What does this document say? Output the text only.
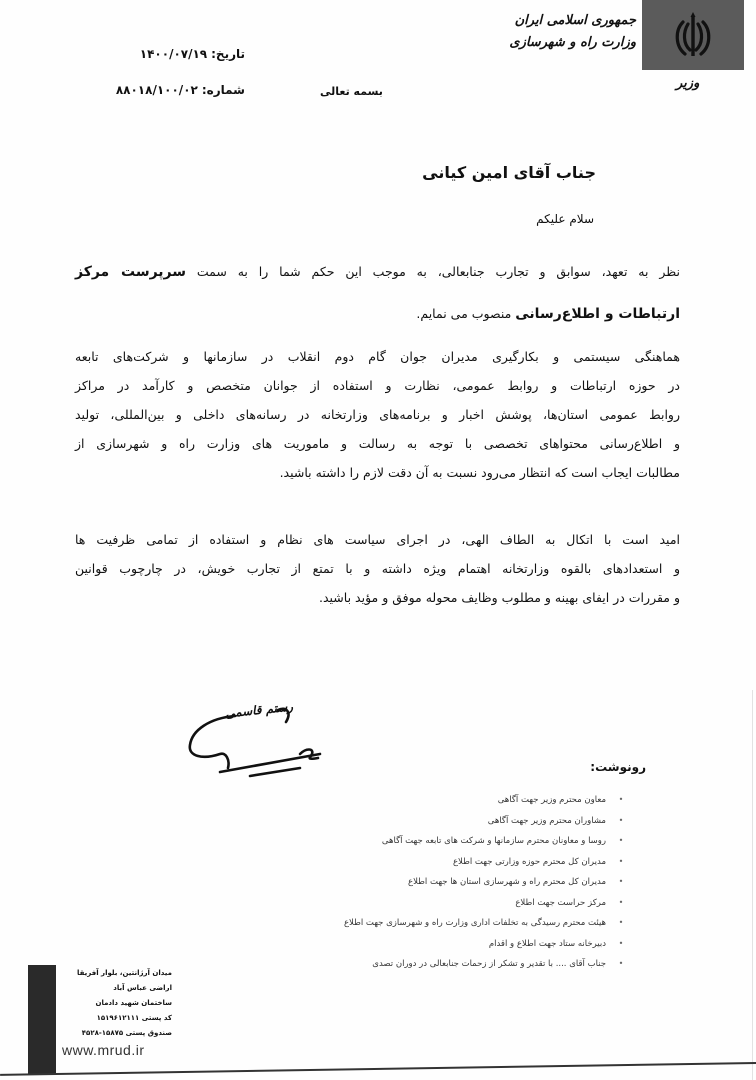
جمهوری اسلامی ایران
وزارت راه و شهرسازی
وزیر
تاریخ:
۱۴۰۰/۰۷/۱۹
شماره:
۸۸۰۱۸/۱۰۰/۰۲	بسمه تعالی
جناب آقای امین کیانی
سلام علیکم
نظر به تعهد، سوابق و تجارب جنابعالی، به موجب این حکم شما را به سمت سرپرست مرکز
ارتباطات و اطلاع‌رسانی منصوب می نمایم.
هماهنگی سیستمی و بکارگیری مدیران جوان گام دوم انقلاب در سازمانها و شرکت‌های تابعه
در حوزه ارتباطات و روابط عمومی، نظارت و استفاده از جوانان متخصص و کارآمد در مراکز
روابط عمومی استان‌ها، پوشش اخبار و برنامه‌های وزارتخانه در رسانه‌های داخلی و بین‌المللی، تولید
و اطلاع‌رسانی محتواهای تخصصی با توجه به رسالت و ماموریت های وزارت راه و شهرسازی از
مطالبات ایجاب است که انتظار می‌رود نسبت به آن دقت لازم را داشته باشید.
امید است با اتکال به الطاف الهی، در اجرای سیاست های نظام و استفاده از تمامی ظرفیت ها
و استعدادهای بالقوه وزارتخانه اهتمام ویژه داشته و با تمتع از تجارب خویش، در چارچوب قوانین
و مقررات در ایفای بهینه و مطلوب وظایف محوله موفق و مؤید باشید.
رستم قاسمی
رونوشت:
•
معاون محترم وزیر جهت آگاهی
•
مشاوران محترم وزیر جهت آگاهی
•
روسا و معاونان محترم سازمانها و شرکت های تابعه جهت آگاهی
•
مدیران کل محترم حوزه وزارتی جهت اطلاع
•
مدیران کل محترم راه و شهرسازی استان ها جهت اطلاع
•
مرکز حراست جهت اطلاع
•
هیئت محترم رسیدگی به تخلفات اداری وزارت راه و شهرسازی جهت اطلاع
•
دبیرخانه ستاد جهت اطلاع و اقدام
•
جناب آقای .... با تقدیر و تشکر از زحمات جنابعالی در دوران تصدی
میدان آرژانتین، بلوار آفریقا
اراضی عباس آباد
ساختمان شهید دادمان
کد پستی ۱۵۱۹۶۱۲۱۱۱
صندوق پستی ۱۵۸۷۵-۴۵۲۸
www.mrud.ir
